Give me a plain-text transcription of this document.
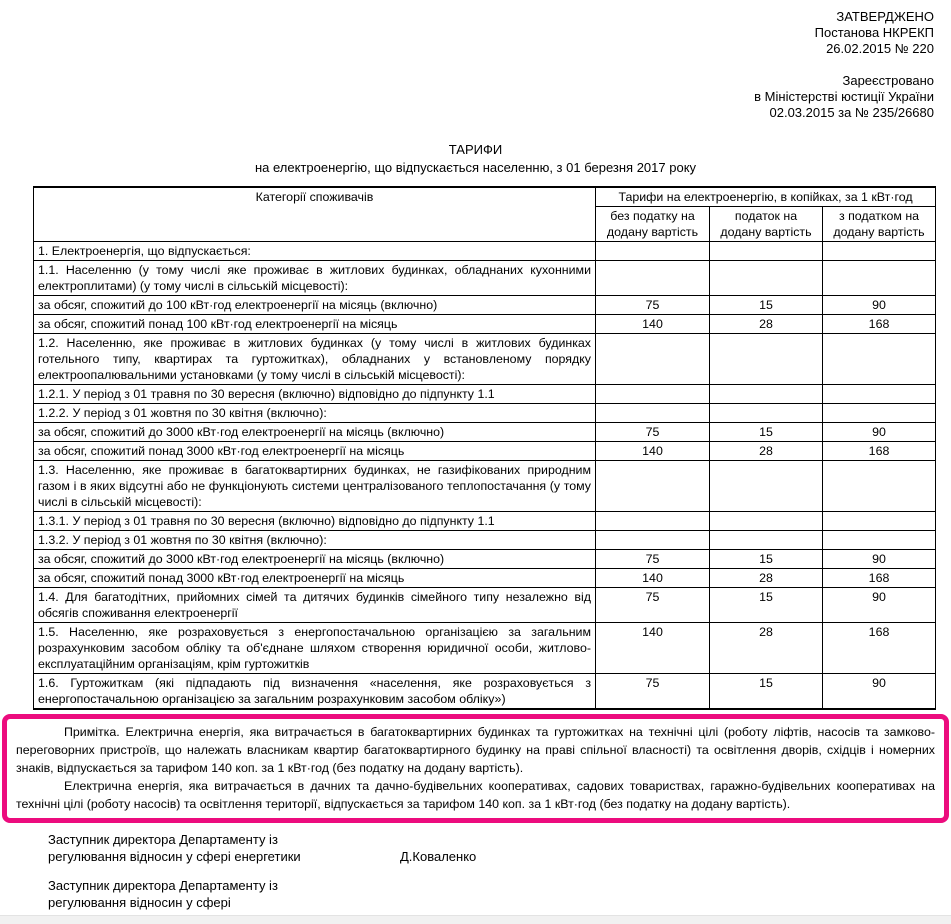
ЗАТВЕРДЖЕНО
Постанова НКРЕКП
26.02.2015 № 220
Зареєстровано
в Міністерстві юстиції України
02.03.2015 за № 235/26680
ТАРИФИ
на електроенергію, що відпускається населенню, з 01 березня 2017 року
Категорії споживачів	Тарифи на електроенергію, в копійках, за 1 кВт·год		
	без податку на додану вартість	податок на додану вартість	з податком на додану вартість
1. Електроенергія, що відпускається:			
1.1. Населенню (у тому числі яке проживає в житлових будинках, обладнаних кухонними електроплитами) (у тому числі в сільській місцевості):			
за обсяг, спожитий до 100 кВт·год електроенергії на місяць (включно)	75	15	90
за обсяг, спожитий понад 100 кВт·год електроенергії на місяць	140	28	168
1.2. Населенню, яке проживає в житлових будинках (у тому числі в житлових будинках готельного типу, квартирах та гуртожитках), обладнаних у встановленому порядку електроопалювальними установками (у тому числі в сільській місцевості):			
1.2.1. У період з 01 травня по 30 вересня (включно) відповідно до підпункту 1.1			
1.2.2. У період з 01 жовтня по 30 квітня (включно):			
за обсяг, спожитий до 3000 кВт·год електроенергії на місяць (включно)	75	15	90
за обсяг, спожитий понад 3000 кВт·год електроенергії на місяць	140	28	168
1.3. Населенню, яке проживає в багатоквартирних будинках, не газифікованих природним газом і в яких відсутні або не функціонують системи централізованого теплопостачання (у тому числі в сільській місцевості):			
1.3.1. У період з 01 травня по 30 вересня (включно) відповідно до підпункту 1.1			
1.3.2. У період з 01 жовтня по 30 квітня (включно):			
за обсяг, спожитий до 3000 кВт·год електроенергії на місяць (включно)	75	15	90
за обсяг, спожитий понад 3000 кВт·год електроенергії на місяць	140	28	168
1.4. Для багатодітних, прийомних сімей та дитячих будинків сімейного типу незалежно від обсягів споживання електроенергії	75	15	90
1.5. Населенню, яке розраховується з енергопостачальною організацією за загальним розрахунковим засобом обліку та об'єднане шляхом створення юридичної особи, житлово-експлуатаційним організаціям, крім гуртожитків	140	28	168
1.6. Гуртожиткам (які підпадають під визначення «населення, яке розраховується з енергопостачальною організацією за загальним розрахунковим засобом обліку»)	75	15	90

Примітка. Електрична енергія, яка витрачається в багатоквартирних будинках та гуртожитках на технічні цілі (роботу ліфтів, насосів та замково-переговорних пристроїв, що належать власникам квартир багатоквартирного будинку на праві спільної власності) та освітлення дворів, східців і номерних знаків, відпускається за тарифом 140 коп. за 1 кВт·год (без податку на додану вартість).

Електрична енергія, яка витрачається в дачних та дачно-будівельних кооперативах, садових товариствах, гаражно-будівельних кооперативах на технічні цілі (роботу насосів) та освітлення території, відпускається за тарифом 140 коп. за 1 кВт·год (без податку на додану вартість).

Заступник директора Департаменту із
регулювання відносин у сфері енергетики	Д.Коваленко
Заступник директора Департаменту із
регулювання відносин у сфері
